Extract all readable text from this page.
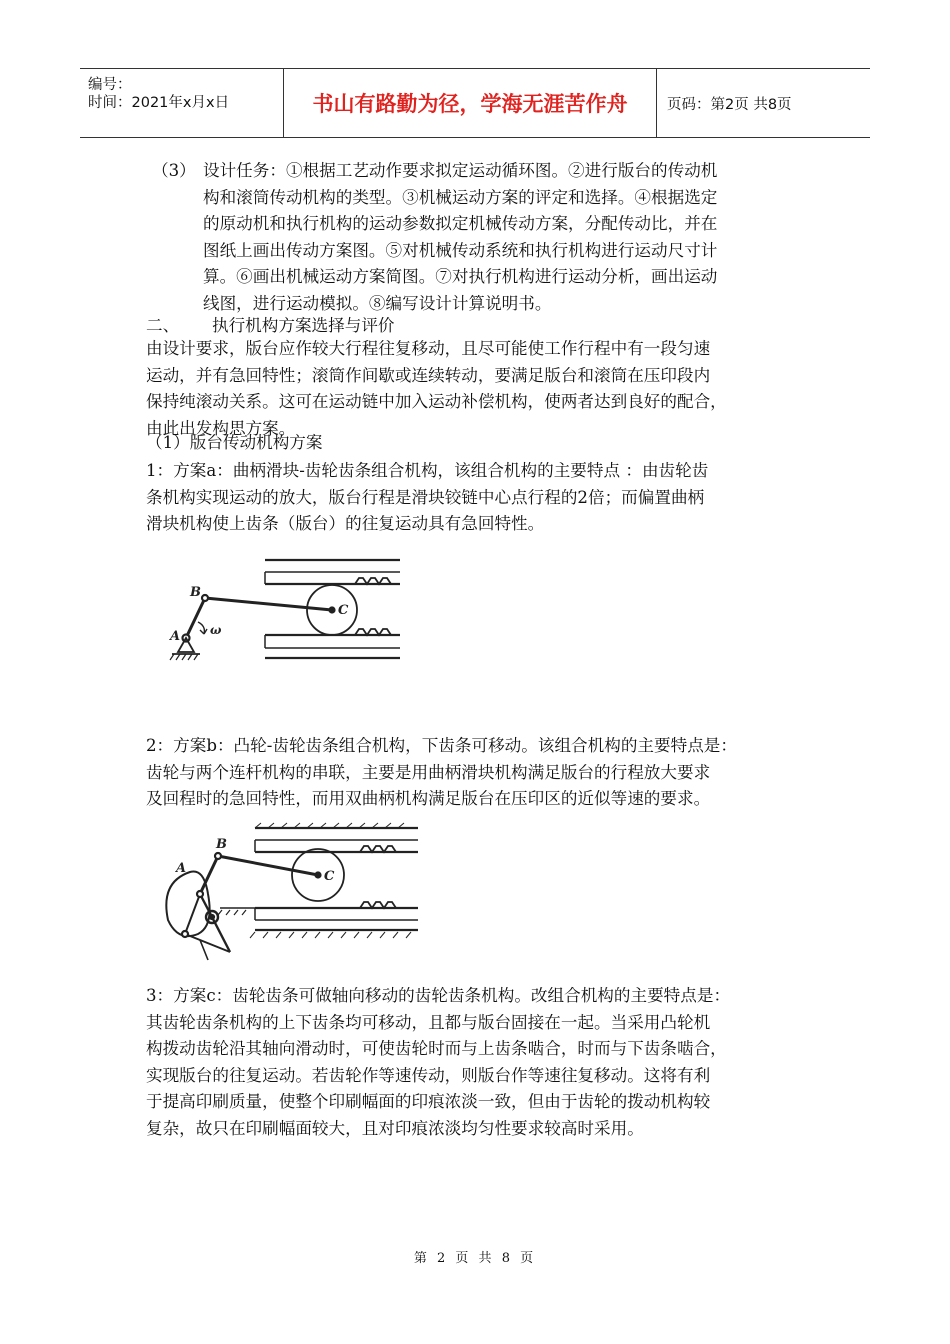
编号：
时间：2021年x月x日	书山有路勤为径，学海无涯苦作舟	页码：第2页 共8页

（3） 设计任务：①根据工艺动作要求拟定运动循环图。②进行版台的传动机

构和滚筒传动机构的类型。③机械运动方案的评定和选择。④根据选定

的原动机和执行机构的运动参数拟定机械传动方案，分配传动比，并在

图纸上画出传动方案图。⑤对机械传动系统和执行机构进行运动尺寸计

算。⑥画出机械运动方案简图。⑦对执行机构进行运动分析，画出运动

线图，进行运动模拟。⑧编写设计计算说明书。

二、 执行机构方案选择与评价

由设计要求，版台应作较大行程往复移动，且尽可能使工作行程中有一段匀速

运动，并有急回特性；滚筒作间歇或连续转动，要满足版台和滚筒在压印段内

保持纯滚动关系。这可在运动链中加入运动补偿机构，使两者达到良好的配合，

由此出发构思方案。

（1）版台传动机构方案

1：方案a：曲柄滑块-齿轮齿条组合机构，该组合机构的主要特点 ：由齿轮齿

条机构实现运动的放大，版台行程是滑块铰链中心点行程的2倍；而偏置曲柄

滑块机构使上齿条（版台）的往复运动具有急回特性。

B
A
C
ω

2：方案b：凸轮-齿轮齿条组合机构，下齿条可移动。该组合机构的主要特点是：

齿轮与两个连杆机构的串联，主要是用曲柄滑块机构满足版台的行程放大要求

及回程时的急回特性，而用双曲柄机构满足版台在压印区的近似等速的要求。

B
A
C

3：方案c：齿轮齿条可做轴向移动的齿轮齿条机构。改组合机构的主要特点是：

其齿轮齿条机构的上下齿条均可移动，且都与版台固接在一起。当采用凸轮机

构拨动齿轮沿其轴向滑动时，可使齿轮时而与上齿条啮合，时而与下齿条啮合，

实现版台的往复运动。若齿轮作等速传动，则版台作等速往复移动。这将有利

于提高印刷质量，使整个印刷幅面的印痕浓淡一致，但由于齿轮的拨动机构较

复杂，故只在印刷幅面较大，且对印痕浓淡均匀性要求较高时采用。

第 2 页 共 8 页
